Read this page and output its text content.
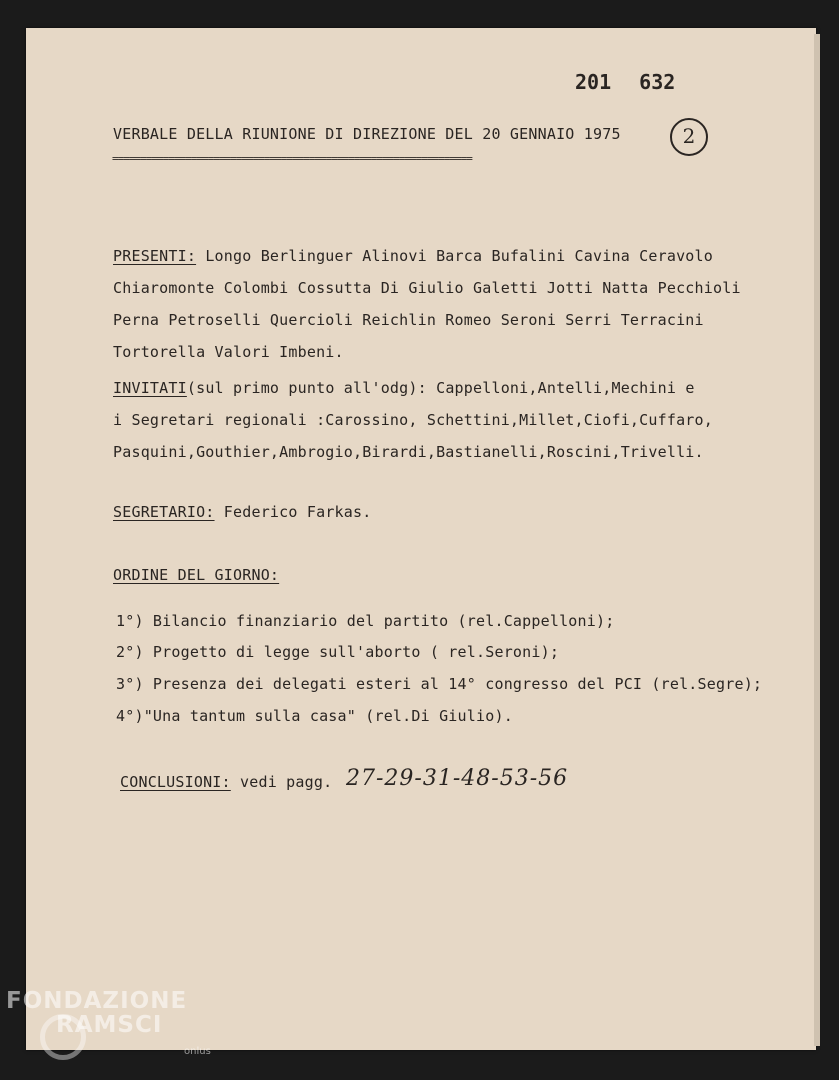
201 632
VERBALE DELLA RIUNIONE DI DIREZIONE DEL 20 GENNAIO 1975
================================================================
2
PRESENTI: Longo Berlinguer Alinovi Barca Bufalini Cavina Ceravolo
Chiaromonte Colombi Cossutta Di Giulio Galetti Jotti Natta Pecchioli
Perna Petroselli Quercioli Reichlin Romeo Seroni Serri Terracini
Tortorella Valori Imbeni.
INVITATI(sul primo punto all'odg): Cappelloni,Antelli,Mechini e
i Segretari regionali :Carossino, Schettini,Millet,Ciofi,Cuffaro,
Pasquini,Gouthier,Ambrogio,Birardi,Bastianelli,Roscini,Trivelli.
SEGRETARIO: Federico Farkas.
ORDINE DEL GIORNO:
1°) Bilancio finanziario del partito (rel.Cappelloni);
2°) Progetto di legge sull'aborto ( rel.Seroni);
3°) Presenza dei delegati esteri al 14° congresso del PCI (rel.Segre);
4°)"Una tantum sulla casa" (rel.Di Giulio).
CONCLUSIONI: vedi pagg. 27-29-31-48-53-56
FONDAZIONE
RAMSCI
onlus
